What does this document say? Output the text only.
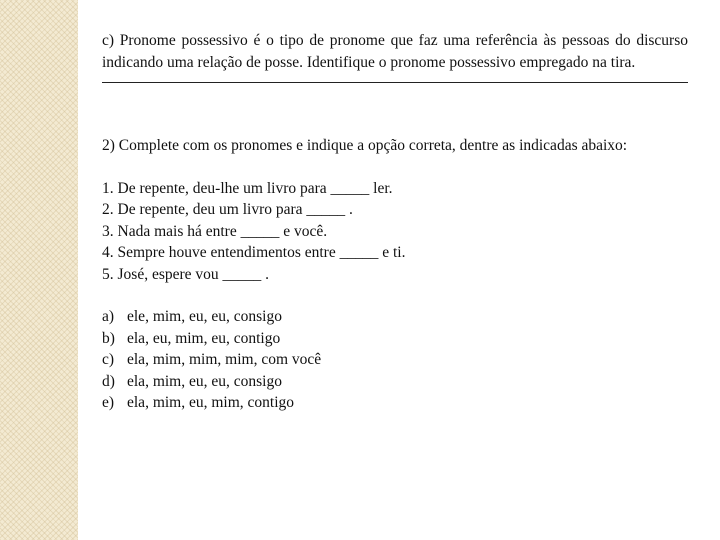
c) Pronome possessivo é o tipo de pronome que faz uma referência às pessoas do discurso indicando uma relação de posse. Identifique o pronome possessivo empregado na tira.

2) Complete com os pronomes e indique a opção correta, dentre as indicadas abaixo:

1. De repente, deu-lhe um livro para _____ ler.
2. De repente, deu um livro para _____ .
3. Nada mais há entre _____ e você.
4. Sempre houve entendimentos entre _____ e ti.
5. José, espere vou _____ .
a) ele, mim, eu, eu, consigo
b) ela, eu, mim, eu, contigo
c) ela, mim, mim, mim, com você
d) ela, mim, eu, eu, consigo
e) ela, mim, eu, mim, contigo
